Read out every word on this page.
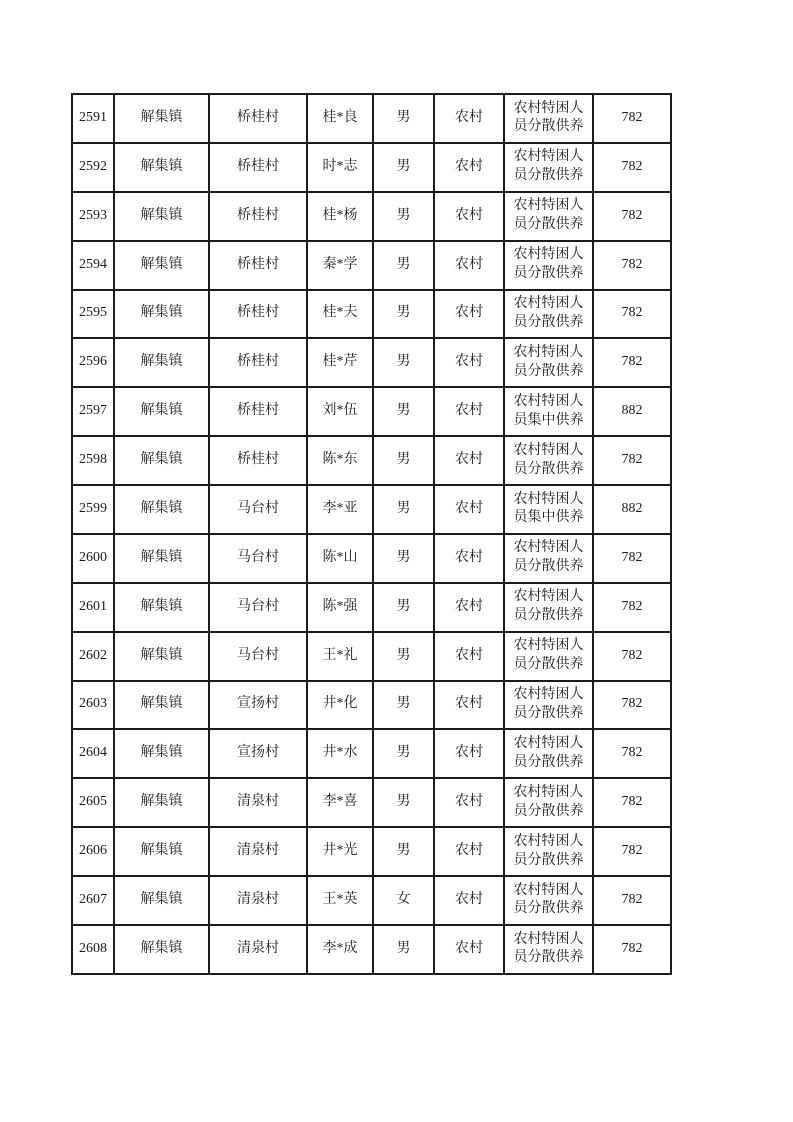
2591	解集镇	桥桂村	桂*良	男	农村	农村特困人员分散供养	782
2592	解集镇	桥桂村	时*志	男	农村	农村特困人员分散供养	782
2593	解集镇	桥桂村	桂*杨	男	农村	农村特困人员分散供养	782
2594	解集镇	桥桂村	秦*学	男	农村	农村特困人员分散供养	782
2595	解集镇	桥桂村	桂*夫	男	农村	农村特困人员分散供养	782
2596	解集镇	桥桂村	桂*芹	男	农村	农村特困人员分散供养	782
2597	解集镇	桥桂村	刘*伍	男	农村	农村特困人员集中供养	882
2598	解集镇	桥桂村	陈*东	男	农村	农村特困人员分散供养	782
2599	解集镇	马台村	李*亚	男	农村	农村特困人员集中供养	882
2600	解集镇	马台村	陈*山	男	农村	农村特困人员分散供养	782
2601	解集镇	马台村	陈*强	男	农村	农村特困人员分散供养	782
2602	解集镇	马台村	王*礼	男	农村	农村特困人员分散供养	782
2603	解集镇	宣扬村	井*化	男	农村	农村特困人员分散供养	782
2604	解集镇	宣扬村	井*水	男	农村	农村特困人员分散供养	782
2605	解集镇	清泉村	李*喜	男	农村	农村特困人员分散供养	782
2606	解集镇	清泉村	井*光	男	农村	农村特困人员分散供养	782
2607	解集镇	清泉村	王*英	女	农村	农村特困人员分散供养	782
2608	解集镇	清泉村	李*成	男	农村	农村特困人员分散供养	782
